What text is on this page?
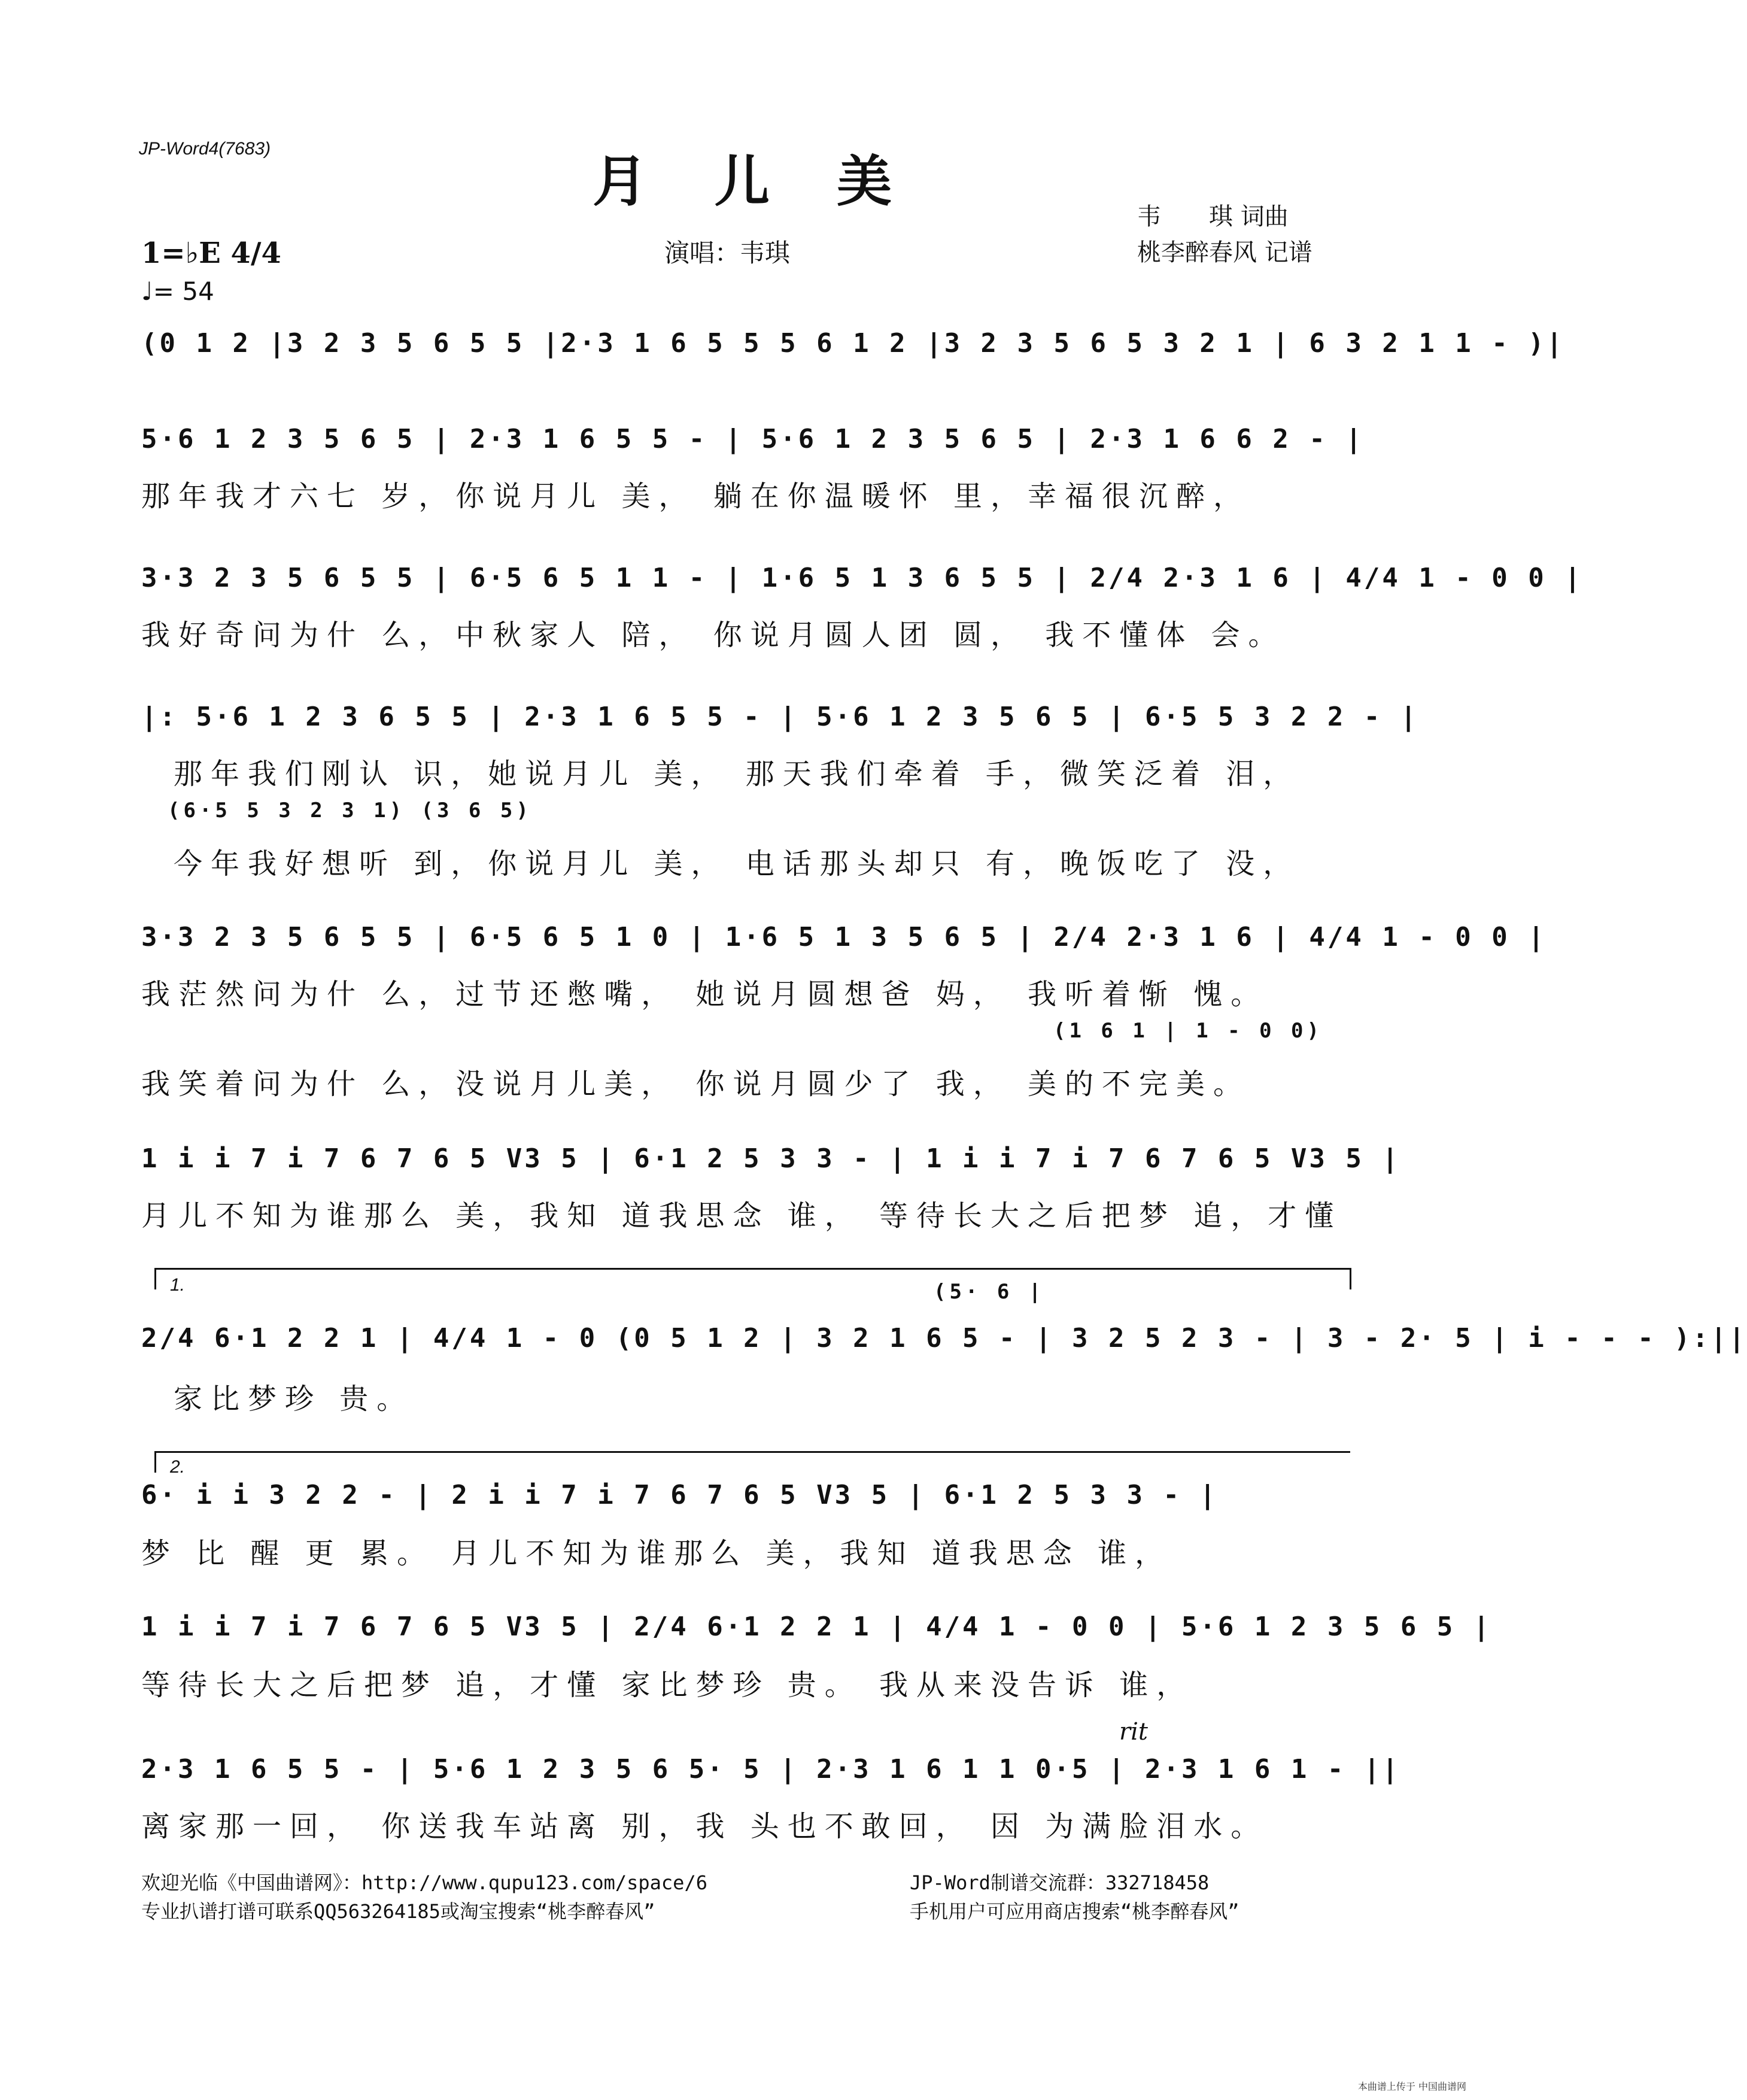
JP-Word4(7683)
月 儿 美
演唱：韦琪
韦　　琪 词曲
桃李醉春风 记谱
1=♭E 4/4
♩= 54
(0 1 2 |3 2 3 5 6 5 5 |2·3 1 6 5 5 5 6 1 2 |3 2 3 5 6 5 3 2 1 | 6 3 2 1 1 - )|
5·6 1 2 3 5 6 5 | 2·3 1 6 5 5 - | 5·6 1 2 3 5 6 5 | 2·3 1 6 6 2 - |
那年我才六七 岁，你说月儿 美， 躺在你温暖怀 里，幸福很沉醉，
3·3 2 3 5 6 5 5 | 6·5 6 5 1 1 - | 1·6 5 1 3 6 5 5 | 2/4 2·3 1 6 | 4/4 1 - 0 0 |
我好奇问为什 么，中秋家人 陪， 你说月圆人团 圆， 我不懂体 会。
|: 5·6 1 2 3 6 5 5 | 2·3 1 6 5 5 - | 5·6 1 2 3 5 6 5 | 6·5 5 3 2 2 - |
那年我们刚认 识，她说月儿 美， 那天我们牵着 手，微笑泛着 泪，
(6·5 5 3 2 3 1) (3 6 5)
今年我好想听 到，你说月儿 美， 电话那头却只 有，晚饭吃了 没，
3·3 2 3 5 6 5 5 | 6·5 6 5 1 0 | 1·6 5 1 3 5 6 5 | 2/4 2·3 1 6 | 4/4 1 - 0 0 |
我茫然问为什 么，过节还憋嘴， 她说月圆想爸 妈， 我听着惭 愧。
(1 6 1 | 1 - 0 0)
我笑着问为什 么，没说月儿美， 你说月圆少了 我， 美的不完美。
1 i i 7 i 7 6 7 6 5 V3 5 | 6·1 2 5 3 3 - | 1 i i 7 i 7 6 7 6 5 V3 5 |
月儿不知为谁那么 美，我知 道我思念 谁， 等待长大之后把梦 追，才懂
1.	(5· 6 |
2/4 6·1 2 2 1 | 4/4 1 - 0 (0 5 1 2 | 3 2 1 6 5 - | 3 2 5 2 3 - | 3 - 2· 5 | i - - - ):||
家比梦珍 贵。
2.
6· i i 3 2 2 - | 2 i i 7 i 7 6 7 6 5 V3 5 | 6·1 2 5 3 3 - |
梦 比 醒 更 累。 月儿不知为谁那么 美，我知 道我思念 谁，
1 i i 7 i 7 6 7 6 5 V3 5 | 2/4 6·1 2 2 1 | 4/4 1 - 0 0 | 5·6 1 2 3 5 6 5 |
等待长大之后把梦 追，才懂 家比梦珍 贵。 我从来没告诉 谁，
rit
2·3 1 6 5 5 - | 5·6 1 2 3 5 6 5· 5 | 2·3 1 6 1 1 0·5 | 2·3 1 6 1 - ||
离家那一回， 你送我车站离 别，我 头也不敢回， 因 为满脸泪水。
欢迎光临《中国曲谱网》：http://www.qupu123.com/space/6
专业扒谱打谱可联系QQ563264185或淘宝搜索“桃李醉春风”
JP-Word制谱交流群：332718458
手机用户可应用商店搜索“桃李醉春风”
本曲谱上传于 中国曲谱网
